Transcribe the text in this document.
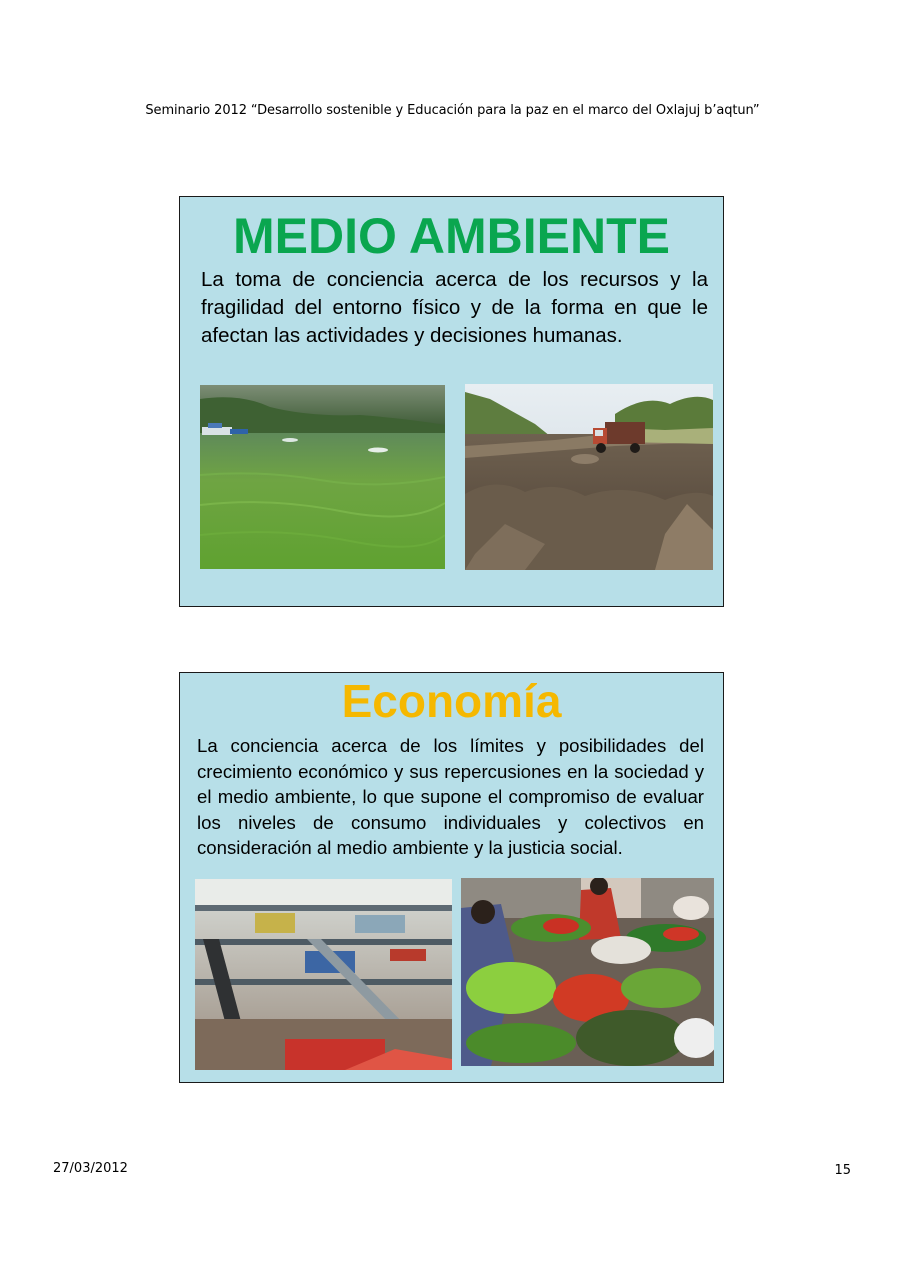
Seminario 2012 “Desarrollo sostenible y Educación para la paz en el marco del Oxlajuj b’aqtun”
MEDIO AMBIENTE
La toma de conciencia acerca de los recursos y la fragilidad del entorno físico y de la forma en que le afectan las actividades y decisiones humanas.
Economía
La conciencia acerca de los límites y posibilidades del crecimiento económico y sus repercusiones en la sociedad y el medio ambiente, lo que supone el compromiso de evaluar los niveles de consumo individuales y colectivos en consideración al medio ambiente y la justicia social.
27/03/2012	15
